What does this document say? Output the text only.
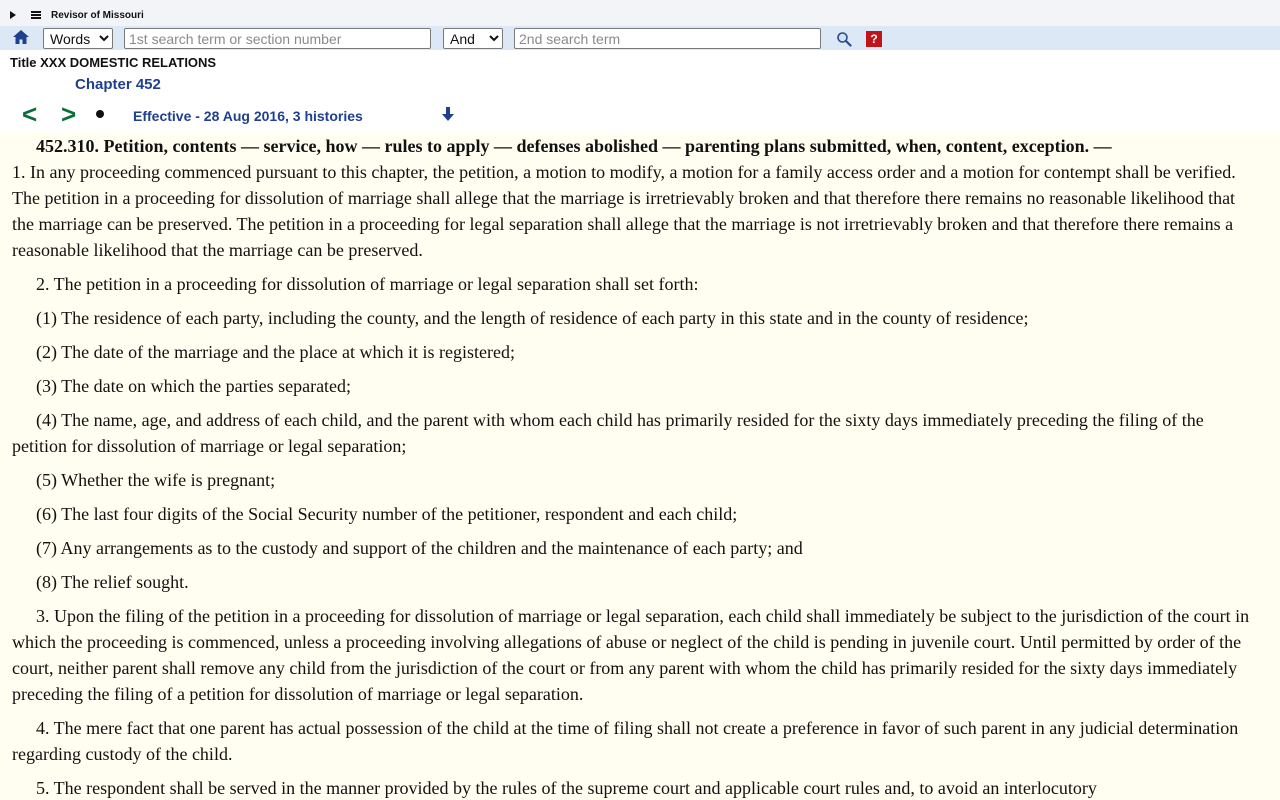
Revisor of Missouri
Words
1st search term or section number
And
2nd search term
?
Title XXX DOMESTIC RELATIONS
Chapter 452
< >	Effective - 28 Aug 2016, 3 histories
452.310. Petition, contents — service, how — rules to apply — defenses abolished — parenting plans submitted, when, content, exception. —

1. In any proceeding commenced pursuant to this chapter, the petition, a motion to modify, a motion for a family access order and a motion for contempt shall be verified. The petition in a proceeding for dissolution of marriage shall allege that the marriage is irretrievably broken and that therefore there remains no reasonable likelihood that the marriage can be preserved. The petition in a proceeding for legal separation shall allege that the marriage is not irretrievably broken and that therefore there remains a reasonable likelihood that the marriage can be preserved.

2. The petition in a proceeding for dissolution of marriage or legal separation shall set forth:

(1) The residence of each party, including the county, and the length of residence of each party in this state and in the county of residence;

(2) The date of the marriage and the place at which it is registered;

(3) The date on which the parties separated;

(4) The name, age, and address of each child, and the parent with whom each child has primarily resided for the sixty days immediately preceding the filing of the petition for dissolution of marriage or legal separation;

(5) Whether the wife is pregnant;

(6) The last four digits of the Social Security number of the petitioner, respondent and each child;

(7) Any arrangements as to the custody and support of the children and the maintenance of each party; and

(8) The relief sought.

3. Upon the filing of the petition in a proceeding for dissolution of marriage or legal separation, each child shall immediately be subject to the jurisdiction of the court in which the proceeding is commenced, unless a proceeding involving allegations of abuse or neglect of the child is pending in juvenile court. Until permitted by order of the court, neither parent shall remove any child from the jurisdiction of the court or from any parent with whom the child has primarily resided for the sixty days immediately preceding the filing of a petition for dissolution of marriage or legal separation.

4. The mere fact that one parent has actual possession of the child at the time of filing shall not create a preference in favor of such parent in any judicial determination regarding custody of the child.

5. The respondent shall be served in the manner provided by the rules of the supreme court and applicable court rules and, to avoid an interlocutory
